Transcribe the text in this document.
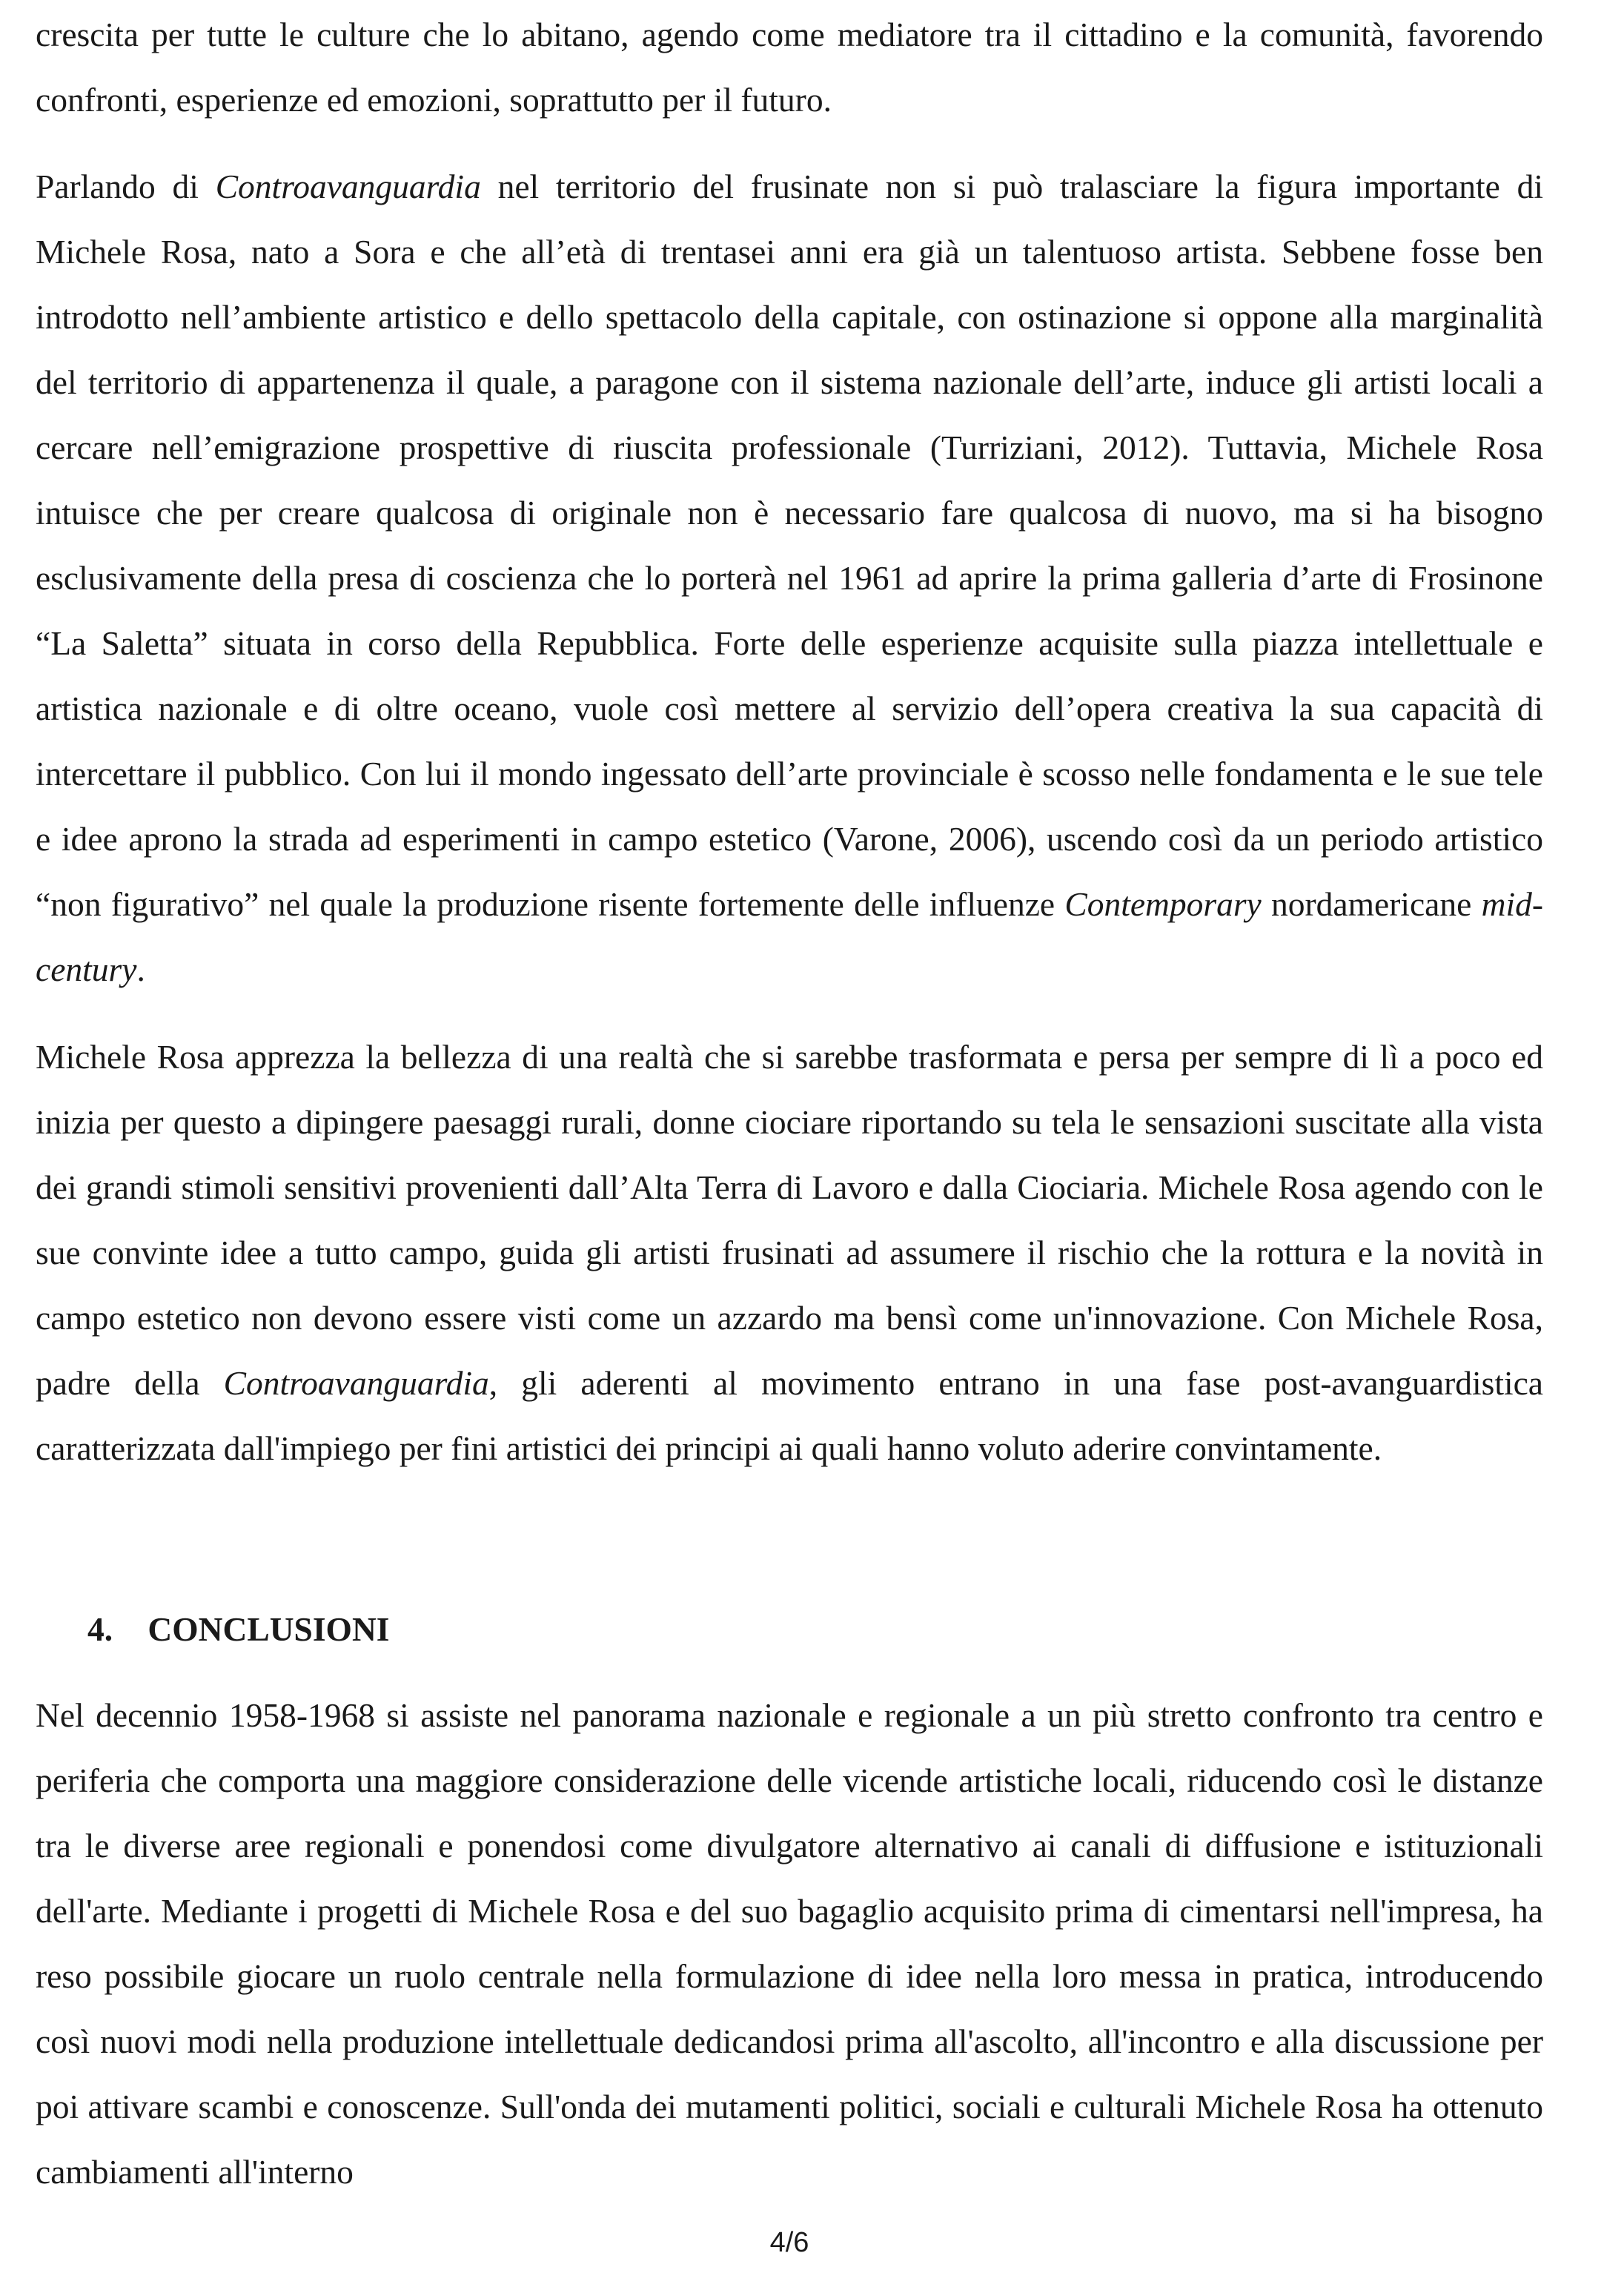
crescita per tutte le culture che lo abitano, agendo come mediatore tra il cittadino e la comunità, favorendo confronti, esperienze ed emozioni, soprattutto per il futuro.

Parlando di Controavanguardia nel territorio del frusinate non si può tralasciare la figura importante di Michele Rosa, nato a Sora e che all’età di trentasei anni era già un talentuoso artista. Sebbene fosse ben introdotto nell’ambiente artistico e dello spettacolo della capitale, con ostinazione si oppone alla marginalità del territorio di appartenenza il quale, a paragone con il sistema nazionale dell’arte, induce gli artisti locali a cercare nell’emigrazione prospettive di riuscita professionale (Turriziani, 2012). Tuttavia, Michele Rosa intuisce che per creare qualcosa di originale non è necessario fare qualcosa di nuovo, ma si ha bisogno esclusivamente della presa di coscienza che lo porterà nel 1961 ad aprire la prima galleria d’arte di Frosinone “La Saletta” situata in corso della Repubblica. Forte delle esperienze acquisite sulla piazza intellettuale e artistica nazionale e di oltre oceano, vuole così mettere al servizio dell’opera creativa la sua capacità di intercettare il pubblico. Con lui il mondo ingessato dell’arte provinciale è scosso nelle fondamenta e le sue tele e idee aprono la strada ad esperimenti in campo estetico (Varone, 2006), uscendo così da un periodo artistico “non figurativo” nel quale la produzione risente fortemente delle influenze Contemporary nordamericane mid-century.

Michele Rosa apprezza la bellezza di una realtà che si sarebbe trasformata e persa per sempre di lì a poco ed inizia per questo a dipingere paesaggi rurali, donne ciociare riportando su tela le sensazioni suscitate alla vista dei grandi stimoli sensitivi provenienti dall’Alta Terra di Lavoro e dalla Ciociaria. Michele Rosa agendo con le sue convinte idee a tutto campo, guida gli artisti frusinati ad assumere il rischio che la rottura e la novità in campo estetico non devono essere visti come un azzardo ma bensì come un'innovazione. Con Michele Rosa, padre della Controavanguardia, gli aderenti al movimento entrano in una fase post-avanguardistica caratterizzata dall'impiego per fini artistici dei principi ai quali hanno voluto aderire convintamente.

4. CONCLUSIONI

Nel decennio 1958-1968 si assiste nel panorama nazionale e regionale a un più stretto confronto tra centro e periferia che comporta una maggiore considerazione delle vicende artistiche locali, riducendo così le distanze tra le diverse aree regionali e ponendosi come divulgatore alternativo ai canali di diffusione e istituzionali dell'arte. Mediante i progetti di Michele Rosa e del suo bagaglio acquisito prima di cimentarsi nell'impresa, ha reso possibile giocare un ruolo centrale nella formulazione di idee nella loro messa in pratica, introducendo così nuovi modi nella produzione intellettuale dedicandosi prima all'ascolto, all'incontro e alla discussione per poi attivare scambi e conoscenze. Sull'onda dei mutamenti politici, sociali e culturali Michele Rosa ha ottenuto cambiamenti all'interno

4/6
